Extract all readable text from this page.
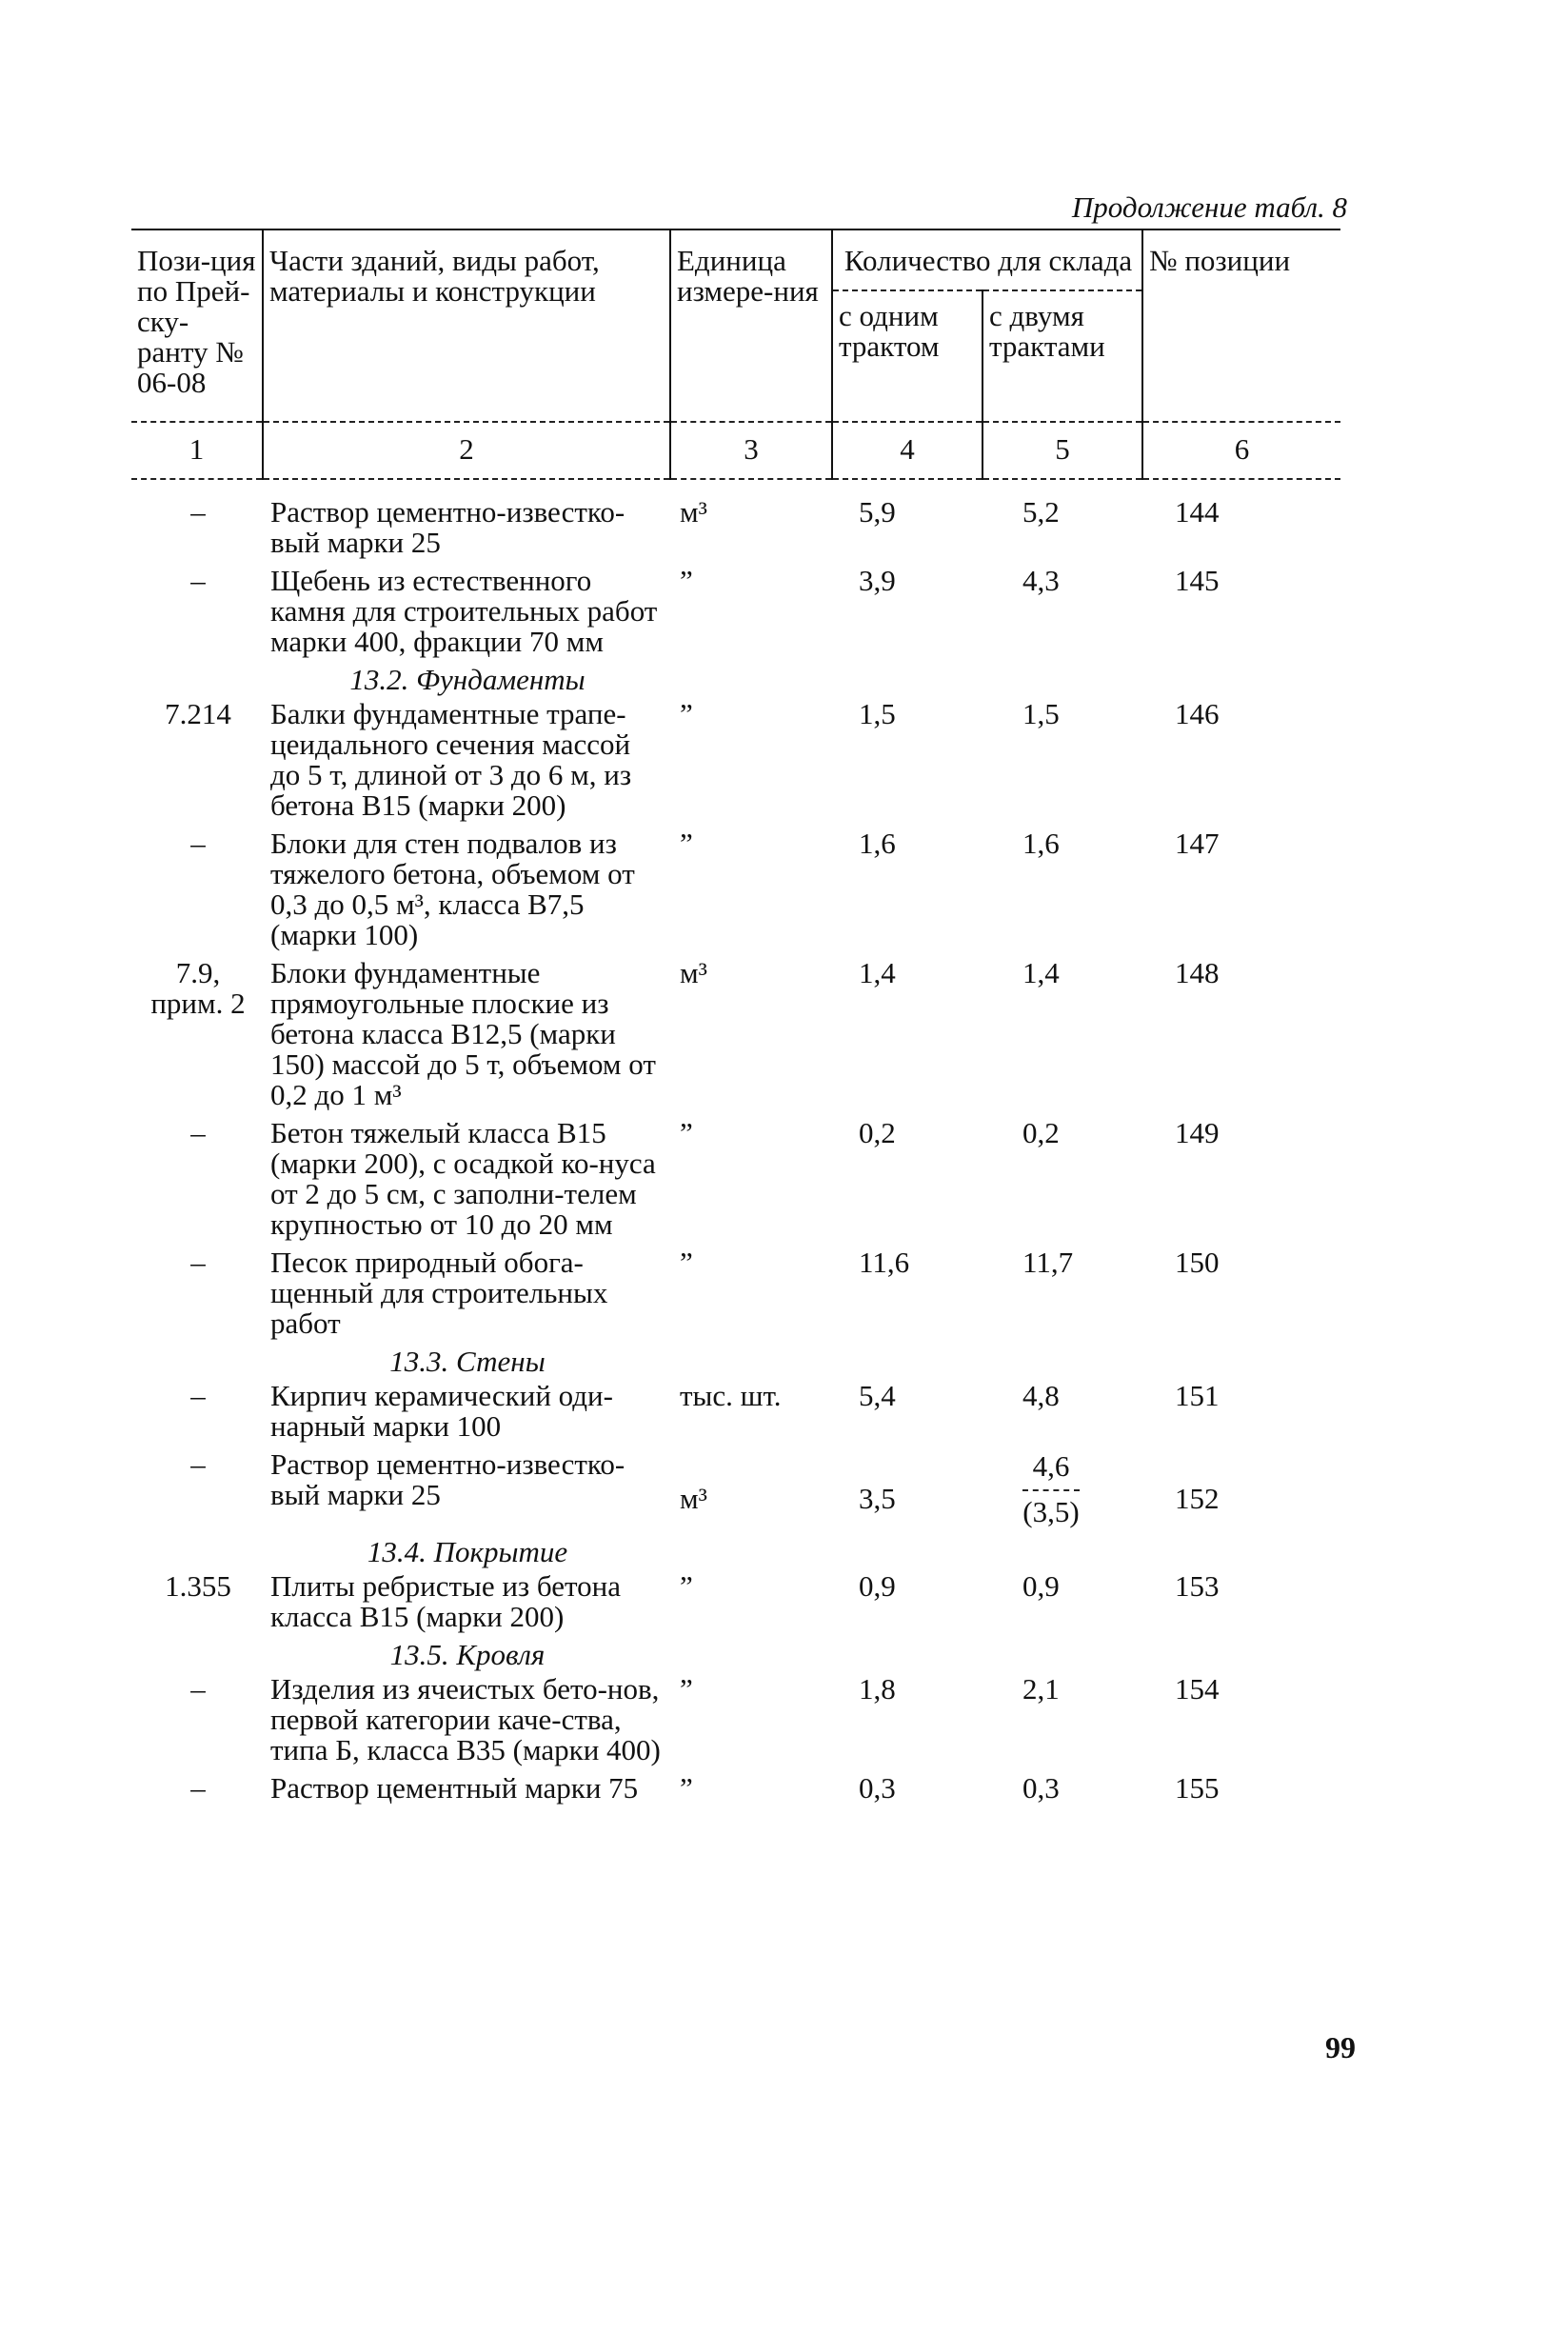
Продолжение табл. 8
Пози-ция по Прей-ску-ранту № 06-08	Части зданий, виды работ, материалы и конструкции	Единица измере-ния	Количество для склада		№ позиции
			с одним трактом	с двумя трактами	
1	2	3	4	5	6

–	Раствор цементно-известко-вый марки 25	м³	5,9	5,2	144
–	Щебень из естественного камня для строительных работ марки 400, фракции 70 мм	”	3,9	4,3	145
	13.2. Фундаменты				
7.214	Балки фундаментные трапе-цеидального сечения массой до 5 т, длиной от 3 до 6 м, из бетона В15 (марки 200)	”	1,5	1,5	146
–	Блоки для стен подвалов из тяжелого бетона, объемом от 0,3 до 0,5 м³, класса В7,5 (марки 100)	”	1,6	1,6	147
7.9, прим. 2	Блоки фундаментные прямоугольные плоские из бетона класса В12,5 (марки 150) массой до 5 т, объемом от 0,2 до 1 м³	м³	1,4	1,4	148
–	Бетон тяжелый класса В15 (марки 200), с осадкой ко-нуса от 2 до 5 см, с заполни-телем крупностью от 10 до 20 мм	”	0,2	0,2	149
–	Песок природный обога-щенный для строительных работ	”	11,6	11,7	150
	13.3. Стены				
–	Кирпич керамический оди-нарный марки 100	тыс. шт.	5,4	4,8	151
–	Раствор цементно-известко-вый марки 25	м³	3,5	$\frac{4,6}{(3,5)}$	152
	13.4. Покрытие				
1.355	Плиты ребристые из бетона класса В15 (марки 200)	”	0,9	0,9	153
	13.5. Кровля				
–	Изделия из ячеистых бето-нов, первой категории каче-ства, типа Б, класса В35 (марки 400)	”	1,8	2,1	154
–	Раствор цементный марки 75	”	0,3	0,3	155
99
